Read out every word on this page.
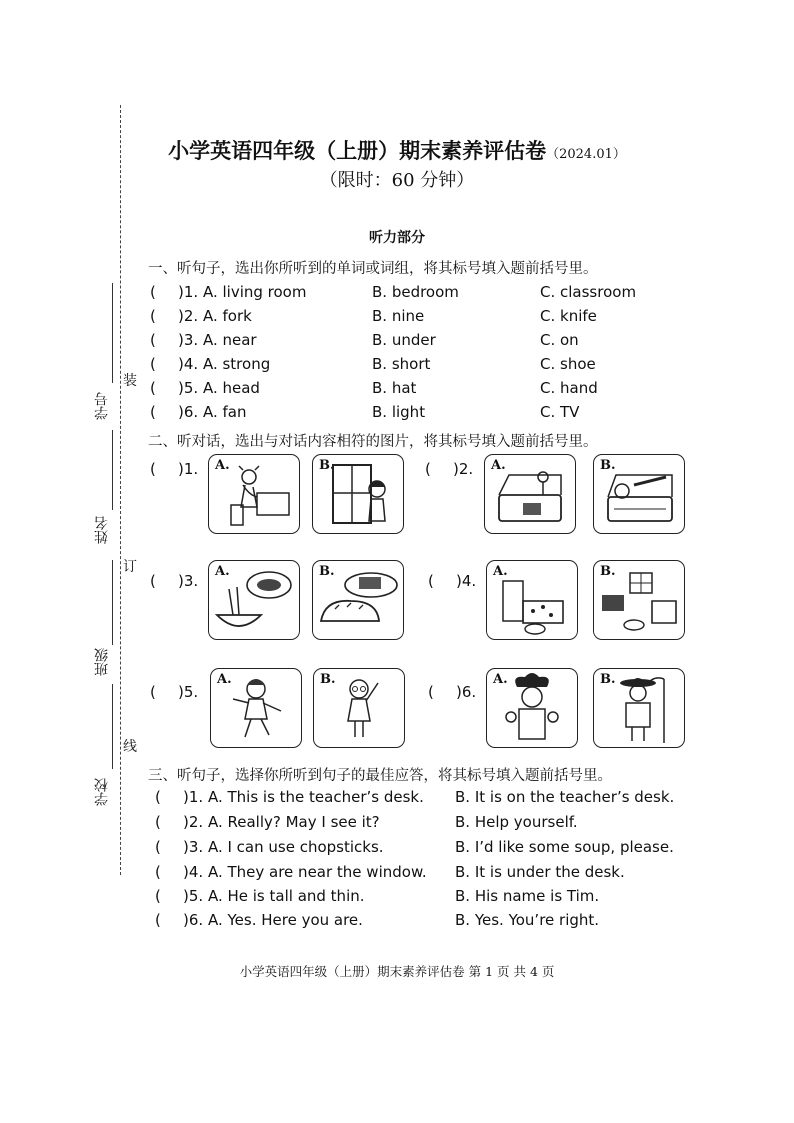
装
订
线
学号
姓名
班级
学校
小学英语四年级（上册）期末素养评估卷（2024.01）
（限时：60 分钟）
听力部分
一、听句子，选出你所听到的单词或词组，将其标号填入题前括号里。
( )1. A. living room	B. bedroom	C. classroom
( )2. A. fork	B. nine	C. knife
( )3. A. near	B. under	C. on
( )4. A. strong	B. short	C. shoe
( )5. A. head	B. hat	C. hand
( )6. A. fan	B. light	C. TV
二、听对话，选出与对话内容相符的图片，将其标号填入题前括号里。
( )1. A.	B.	( )2. A.	B.
( )3.
A.	B.
( )4.
A.	B.
( )5.
A.	B.
( )6.
A.	B.
三、听句子，选择你所听到句子的最佳应答，将其标号填入题前括号里。
( )1. A. This is the teacher’s desk. B. It is on the teacher’s desk.
( )2. A. Really? May I see it?	B. Help yourself.
( )3. A. I can use chopsticks.	B. I’d like some soup, please.
( )4. A. They are near the window. B. It is under the desk.
( )5. A. He is tall and thin.	B. His name is Tim.
( )6. A. Yes. Here you are.	B. Yes. You’re right.
小学英语四年级（上册）期末素养评估卷 第 1 页 共 4 页
